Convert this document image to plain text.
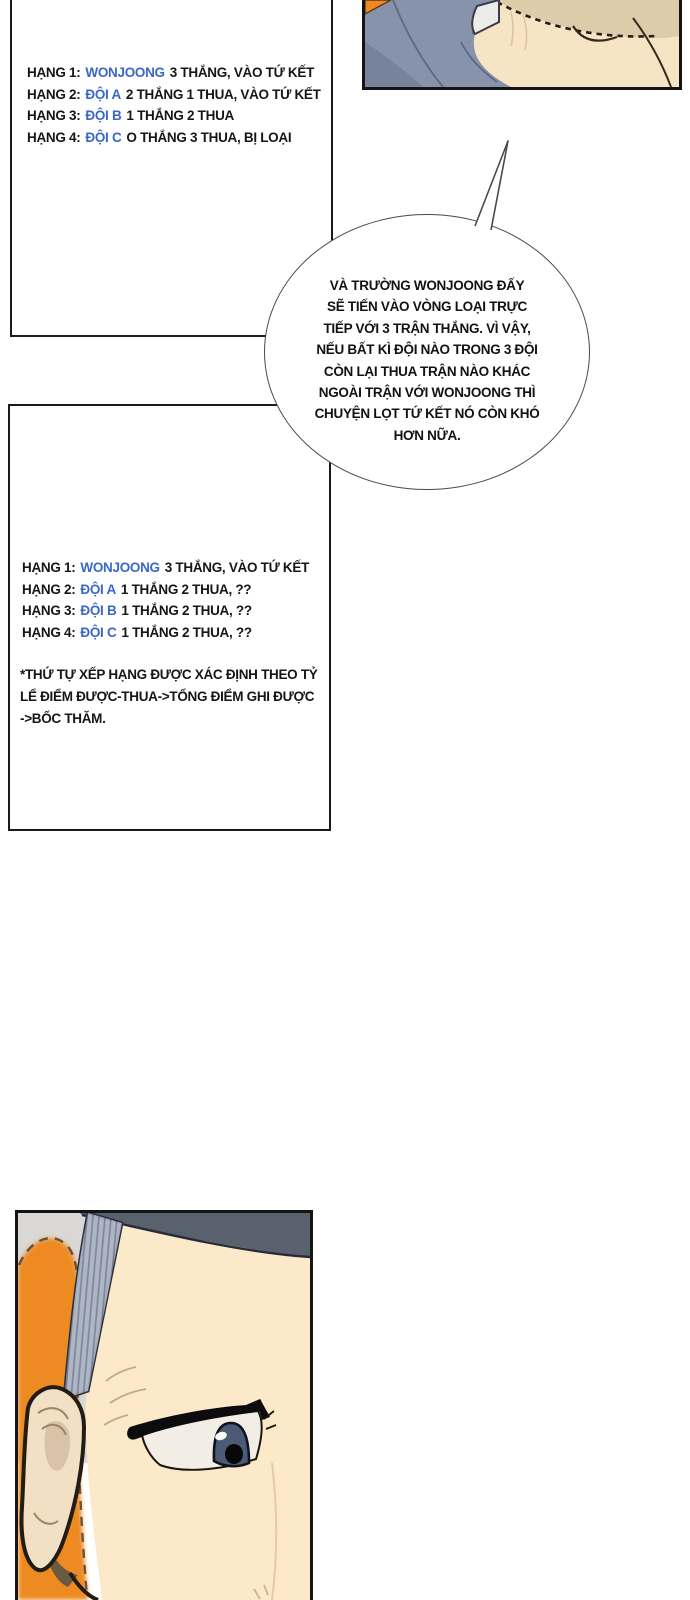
HẠNG 1: WONJOONG 3 THẮNG, VÀO TỨ KẾT
HẠNG 2: ĐỘI A 2 THẮNG 1 THUA, VÀO TỨ KẾT
HẠNG 3: ĐỘI B 1 THẮNG 2 THUA
HẠNG 4: ĐỘI C O THẮNG 3 THUA, BỊ LOẠI
HẠNG 1: WONJOONG 3 THẮNG, VÀO TỨ KẾT
HẠNG 2: ĐỘI A 1 THẮNG 2 THUA, ??
HẠNG 3: ĐỘI B 1 THẮNG 2 THUA, ??
HẠNG 4: ĐỘI C 1 THẮNG 2 THUA, ??
*THỨ TỰ XẾP HẠNG ĐƯỢC XÁC ĐỊNH THEO TỶ
LỂ ĐIỂM ĐƯỢC-THUA->TỔNG ĐIỂM GHI ĐƯỢC
->BỐC THĂM.
VÀ TRƯỜNG WONJOONG ĐẤY
SẼ TIẾN VÀO VÒNG LOẠI TRỰC
TIẾP VỚI 3 TRẬN THẮNG. VÌ VẬY,
NẾU BẤT KÌ ĐỘI NÀO TRONG 3 ĐỘI
CÒN LẠI THUA TRẬN NÀO KHÁC
NGOÀI TRẬN VỚI WONJOONG THÌ
CHUYỆN LỌT TỨ KẾT NÓ CÒN KHÓ
HƠN NỮA.
